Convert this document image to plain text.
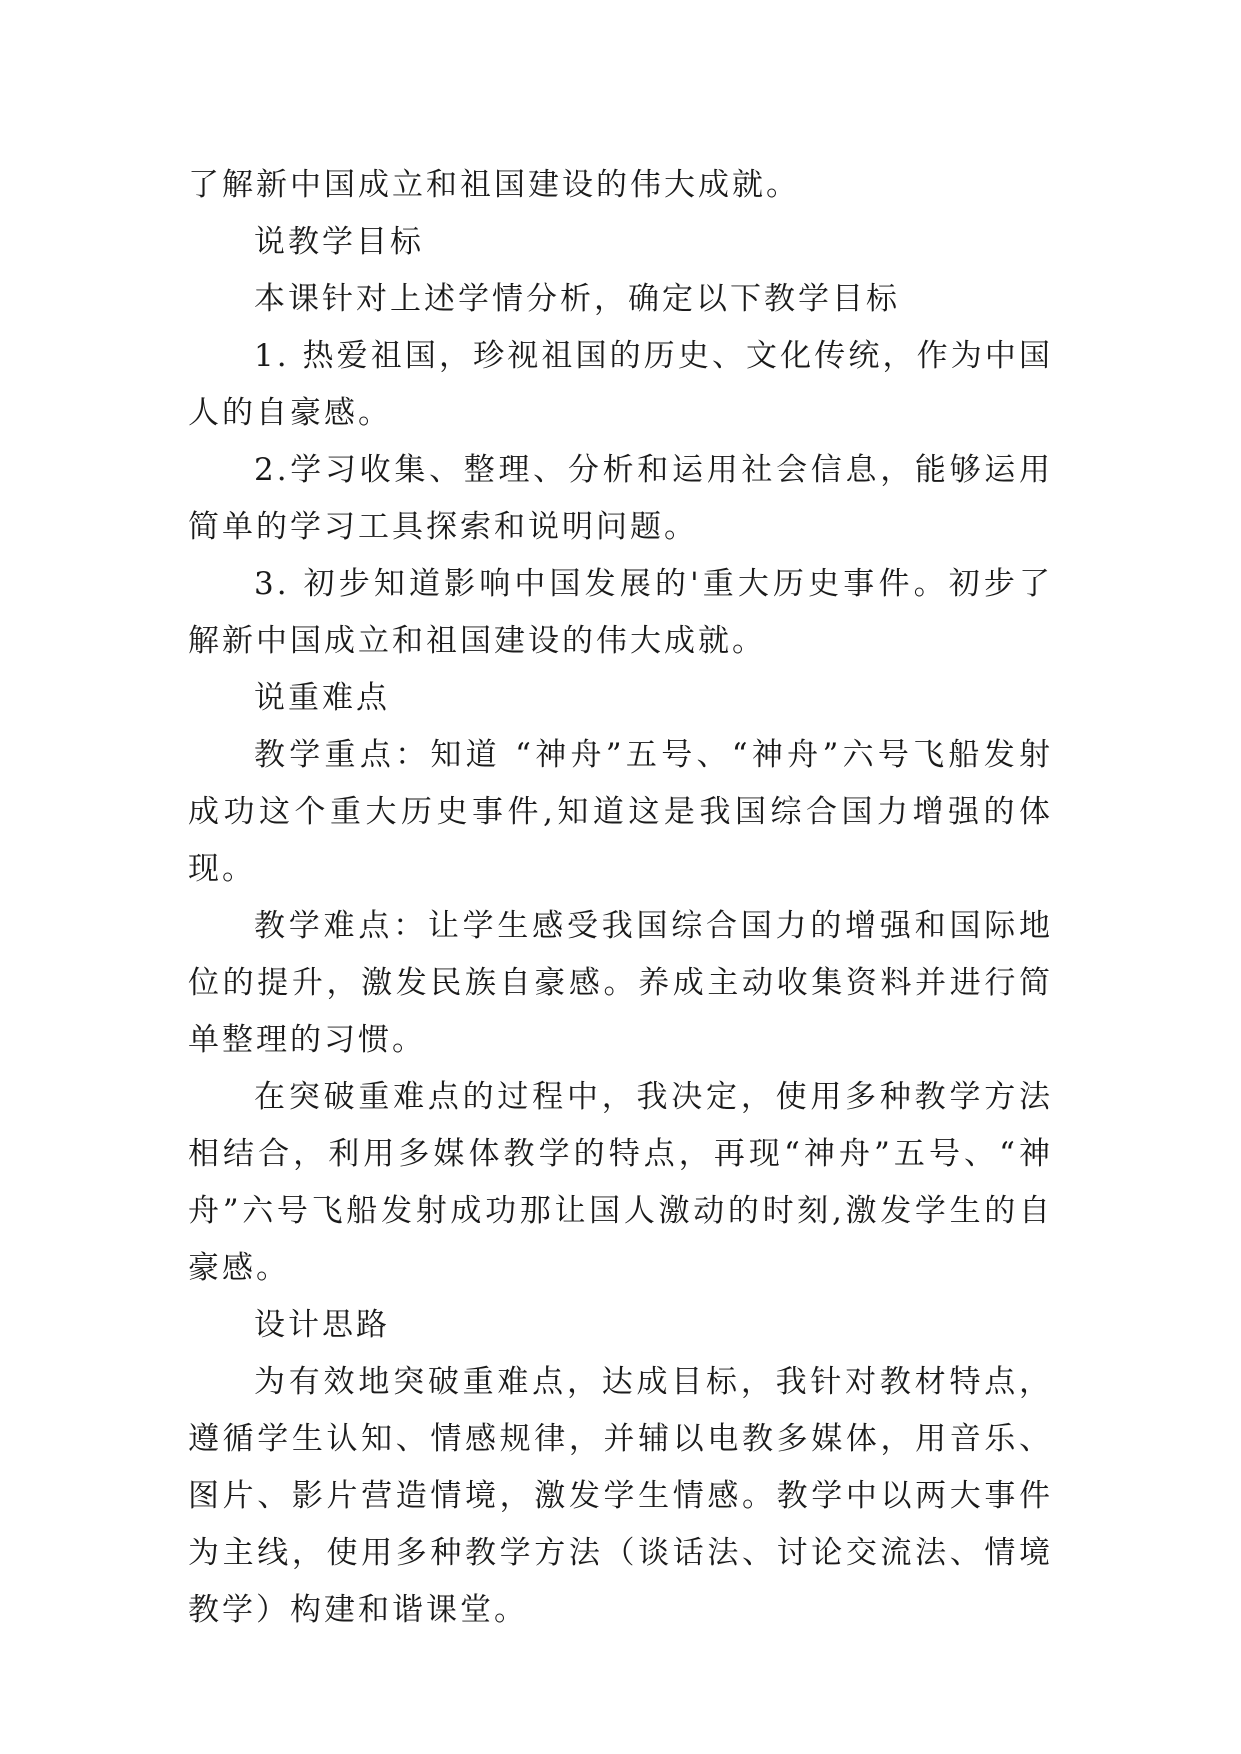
了解新中国成立和祖国建设的伟大成就。

说教学目标

本课针对上述学情分析，确定以下教学目标

1. 热爱祖国，珍视祖国的历史、文化传统，作为中国人的自豪感。

2.学习收集、整理、分析和运用社会信息，能够运用简单的学习工具探索和说明问题。

3. 初步知道影响中国发展的'重大历史事件。初步了解新中国成立和祖国建设的伟大成就。

说重难点

教学重点：知道 “神舟”五号、“神舟”六号飞船发射成功这个重大历史事件,知道这是我国综合国力增强的体现。

教学难点：让学生感受我国综合国力的增强和国际地位的提升，激发民族自豪感。养成主动收集资料并进行简单整理的习惯。

在突破重难点的过程中，我决定，使用多种教学方法相结合，利用多媒体教学的特点，再现“神舟”五号、“神舟”六号飞船发射成功那让国人激动的时刻,激发学生的自豪感。

设计思路

为有效地突破重难点，达成目标，我针对教材特点，遵循学生认知、情感规律，并辅以电教多媒体，用音乐、图片、影片营造情境，激发学生情感。教学中以两大事件为主线，使用多种教学方法（谈话法、讨论交流法、情境教学）构建和谐课堂。
